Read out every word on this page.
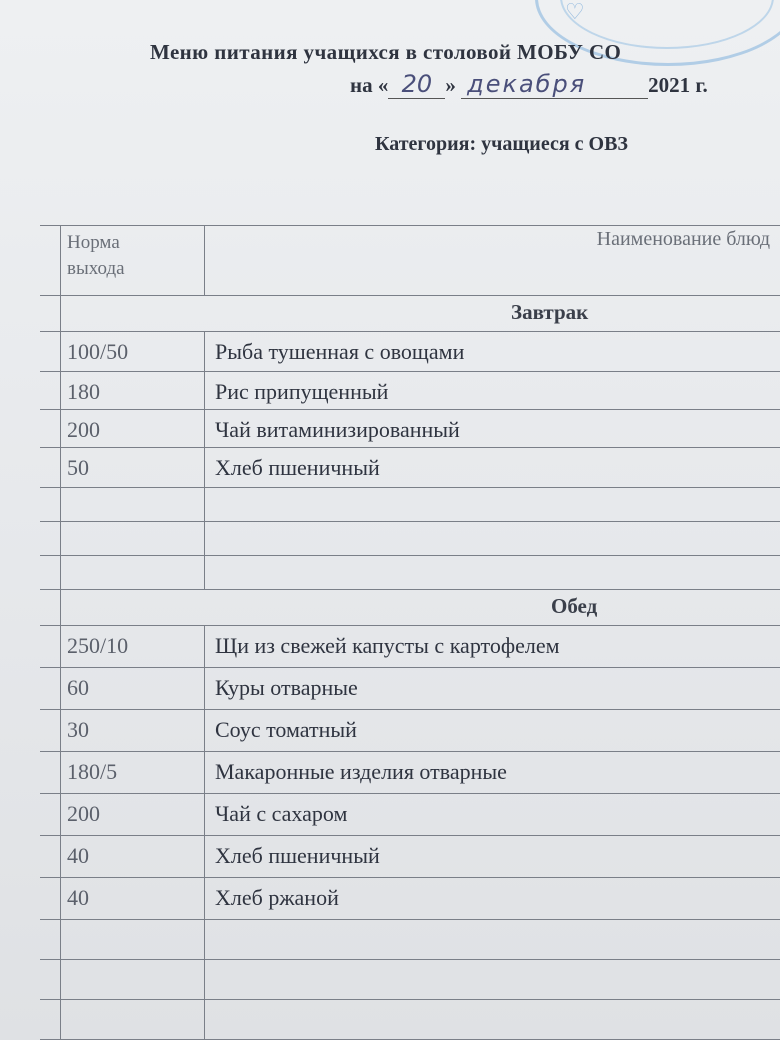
♡
Меню питания учащихся в столовой МОБУ СО
на « 20 » декабря	2021 г.
Категория: учащиеся с ОВЗ
Норма
выхода
Наименование блюд
Завтрак
100/50	Рыба тушенная с овощами
180	Рис припущенный
200	Чай витаминизированный
50	Хлеб пшеничный
Обед
250/10	Щи из свежей капусты с картофелем
60	Куры отварные
30	Соус томатный
180/5	Макаронные изделия отварные
200	Чай с сахаром
40	Хлеб пшеничный
40	Хлеб ржаной
